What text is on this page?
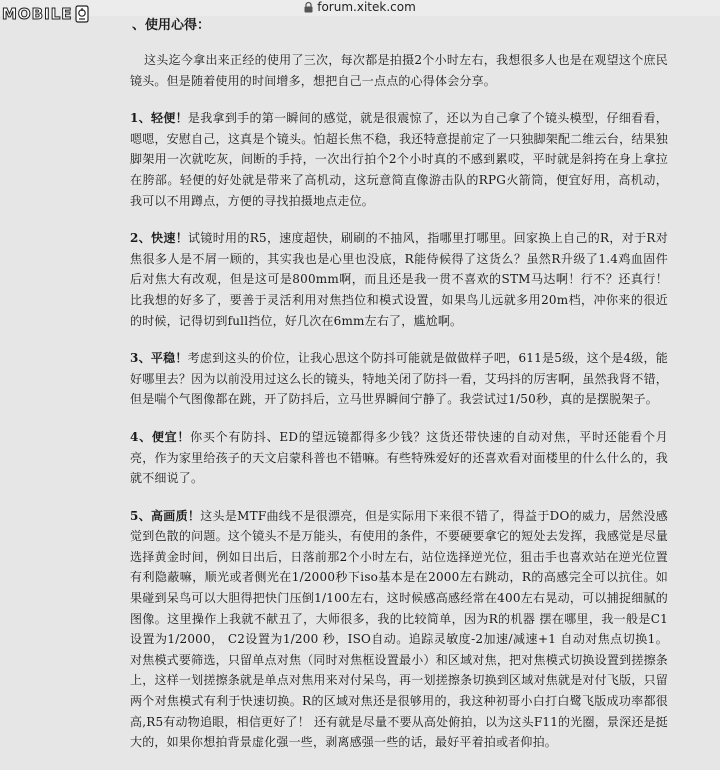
forum.xitek.com
MOBILE
、使用心得：

这头迄今拿出来正经的使用了三次，每次都是拍摄2个小时左右，我想很多人也是在观望这个庶民镜头。但是随着使用的时间增多，想把自己一点点的心得体会分享。

1、轻便！是我拿到手的第一瞬间的感觉，就是很震惊了，还以为自己拿了个镜头模型，仔细看看，嗯嗯，安慰自己，这真是个镜头。怕超长焦不稳，我还特意提前定了一只独脚架配二维云台，结果独脚架用一次就吃灰，间断的手持，一次出行拍个2个小时真的不感到累哎，平时就是斜挎在身上拿拉在胯部。轻便的好处就是带来了高机动，这玩意简直像游击队的RPG火箭筒，便宜好用，高机动，我可以不用蹲点，方便的寻找拍摄地点走位。

2、快速！试镜时用的R5，速度超快，刷刷的不抽风，指哪里打哪里。回家换上自己的R，对于R对焦很多人是不屑一顾的，其实我也是心里也没底，R能侍候得了这货么？虽然R升级了1.4鸡血固件后对焦大有改观，但是这可是800mm啊，而且还是我一贯不喜欢的STM马达啊！行不？还真行！比我想的好多了，要善于灵活利用对焦挡位和模式设置，如果鸟儿远就多用20m档，冲你来的很近的时候，记得切到full挡位，好几次在6mm左右了，尴尬啊。

3、平稳！考虑到这头的价位，让我心思这个防抖可能就是做做样子吧，611是5级，这个是4级，能好哪里去？因为以前没用过这么长的镜头，特地关闭了防抖一看，艾玛抖的厉害啊，虽然我肾不错，但是喘个气图像都在跳，开了防抖后，立马世界瞬间宁静了。我尝试过1/50秒，真的是摆脱架子。

4、便宜！你买个有防抖、ED的望远镜都得多少钱？这货还带快速的自动对焦，平时还能看个月亮，作为家里给孩子的天文启蒙科普也不错嘛。有些特殊爱好的还喜欢看对面楼里的什么什么的，我就不细说了。

5、高画质！这头是MTF曲线不是很漂亮，但是实际用下来很不错了，得益于DO的威力，居然没感觉到色散的问题。这个镜头不是万能头，有使用的条件，不要硬要拿它的短处去发挥，我感觉是尽量选择黄金时间，例如日出后，日落前那2个小时左右，站位选择逆光位，狙击手也喜欢站在逆光位置有利隐蔽嘛，顺光或者侧光在1/2000秒下iso基本是在2000左右跳动，R的高感完全可以抗住。如果碰到呆鸟可以大胆得把快门压倒1/100左右，这时候感高感经常在400左右晃动，可以捕捉细腻的图像。这里操作上我就不献丑了，大师很多，我的比较简单，因为R的机器 摆在哪里，我一般是C1设置为1/2000， C2设置为1/200 秒，ISO自动。追踪灵敏度-2加速/减速+1 自动对焦点切换1。对焦模式要筛选，只留单点对焦（同时对焦框设置最小）和区域对焦，把对焦模式切换设置到搓擦条上，这样一划搓擦条就是单点对焦用来对付呆鸟，再一划搓擦条切换到区域对焦就是对付飞版，只留两个对焦模式有利于快速切换。R的区域对焦还是很够用的，我这种初哥小白打白鹭飞版成功率都很高,R5有动物追眼，相信更好了！ 还有就是尽量不要从高处俯拍，以为这头F11的光圈，景深还是挺大的，如果你想拍背景虚化强一些，剥离感强一些的话，最好平着拍或者仰拍。
